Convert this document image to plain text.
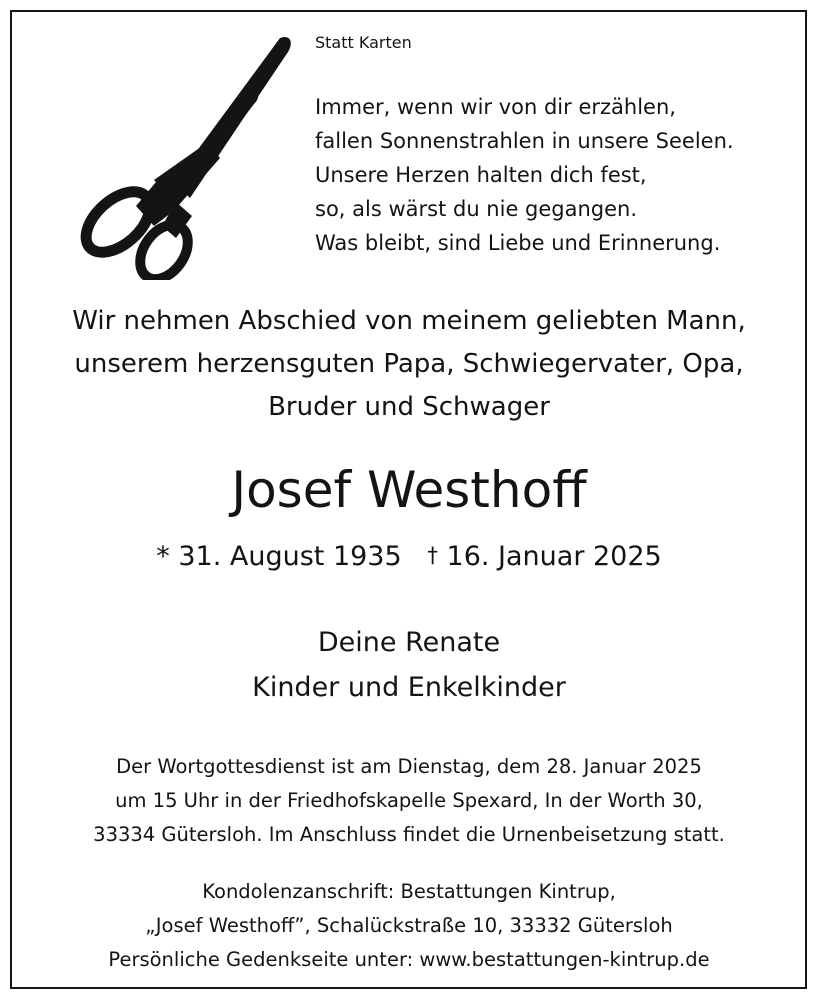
Statt Karten
Immer, wenn wir von dir erzählen,
fallen Sonnenstrahlen in unsere Seelen.
Unsere Herzen halten dich fest,
so, als wärst du nie gegangen.
Was bleibt, sind Liebe und Erinnerung.
Wir nehmen Abschied von meinem geliebten Mann,
unserem herzensguten Papa, Schwiegervater, Opa,
Bruder und Schwager
Josef Westhoff
* 31. August 1935 † 16. Januar 2025
Deine Renate
Kinder und Enkelkinder
Der Wortgottesdienst ist am Dienstag, dem 28. Januar 2025
um 15 Uhr in der Friedhofskapelle Spexard, In der Worth 30,
33334 Gütersloh. Im Anschluss findet die Urnenbeisetzung statt.
Kondolenzanschrift: Bestattungen Kintrup,
„Josef Westhoff”, Schalückstraße 10, 33332 Gütersloh
Persönliche Gedenkseite unter: www.bestattungen-kintrup.de
